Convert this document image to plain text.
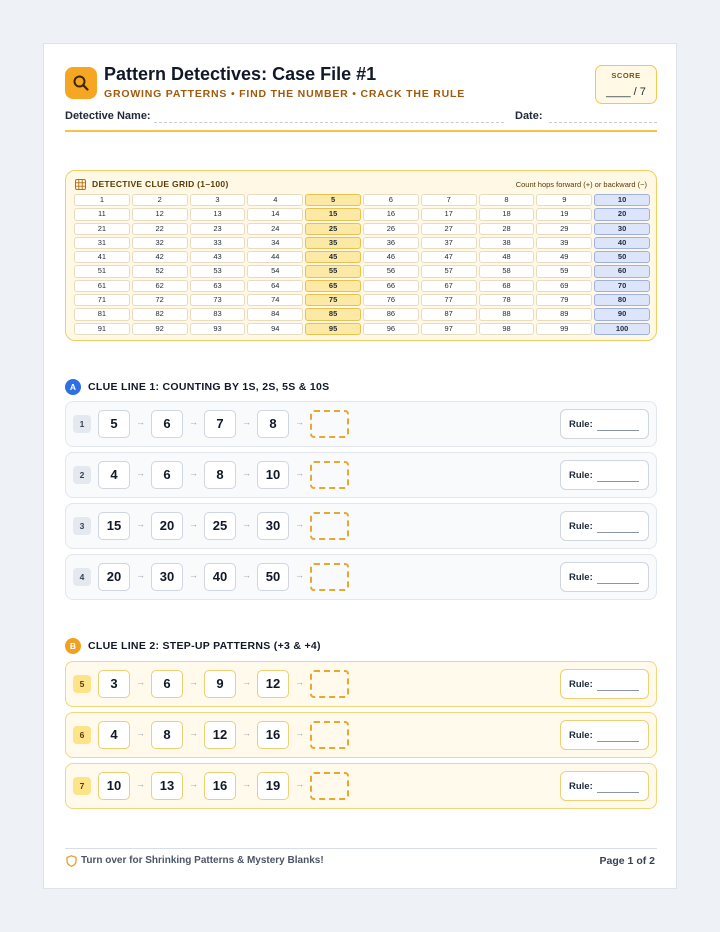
Pattern Detectives: Case File #1
GROWING PATTERNS • FIND THE NUMBER • CRACK THE RULE
SCORE
____ / 7
Detective Name:	Date:
DETECTIVE CLUE GRID (1–100)	Count hops forward (+) or backward (−)
1	2	3	4	5	6	7	8	9	10
11	12	13	14	15	16	17	18	19	20
21	22	23	24	25	26	27	28	29	30
31	32	33	34	35	36	37	38	39	40
41	42	43	44	45	46	47	48	49	50
51	52	53	54	55	56	57	58	59	60
61	62	63	64	65	66	67	68	69	70
71	72	73	74	75	76	77	78	79	80
81	82	83	84	85	86	87	88	89	90
91	92	93	94	95	96	97	98	99	100
A	CLUE LINE 1: COUNTING BY 1S, 2S, 5S & 10S
B	CLUE LINE 2: STEP-UP PATTERNS (+3 & +4)
1	5	→	6	→	7	→	8	→	Rule:
2	4	→	6	→	8	→	10	→	Rule:
3	15	→	20	→	25	→	30	→	Rule:
4	20	→	30	→	40	→	50	→	Rule:
5	3	→	6	→	9	→	12	→	Rule:
6	4	→	8	→	12	→	16	→	Rule:
7	10	→	13	→	16	→	19	→	Rule:
Turn over for Shrinking Patterns & Mystery Blanks!	Page 1 of 2
